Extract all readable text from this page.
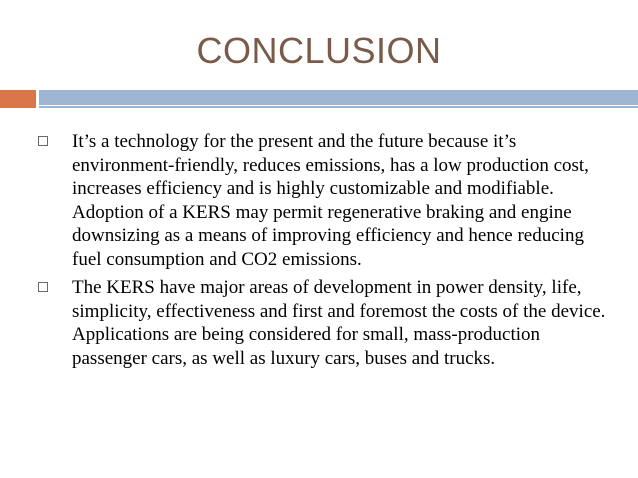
CONCLUSION
It’s a technology for the present and the future because it’s environment-friendly, reduces emissions, has a low production cost, increases efficiency and is highly customizable and modifiable. Adoption of a KERS may permit regenerative braking and engine downsizing as a means of improving efficiency and hence reducing fuel consumption and CO2 emissions.
The KERS have major areas of development in power density, life, simplicity, effectiveness and first and foremost the costs of the device. Applications are being considered for small, mass-production passenger cars, as well as luxury cars, buses and trucks.
